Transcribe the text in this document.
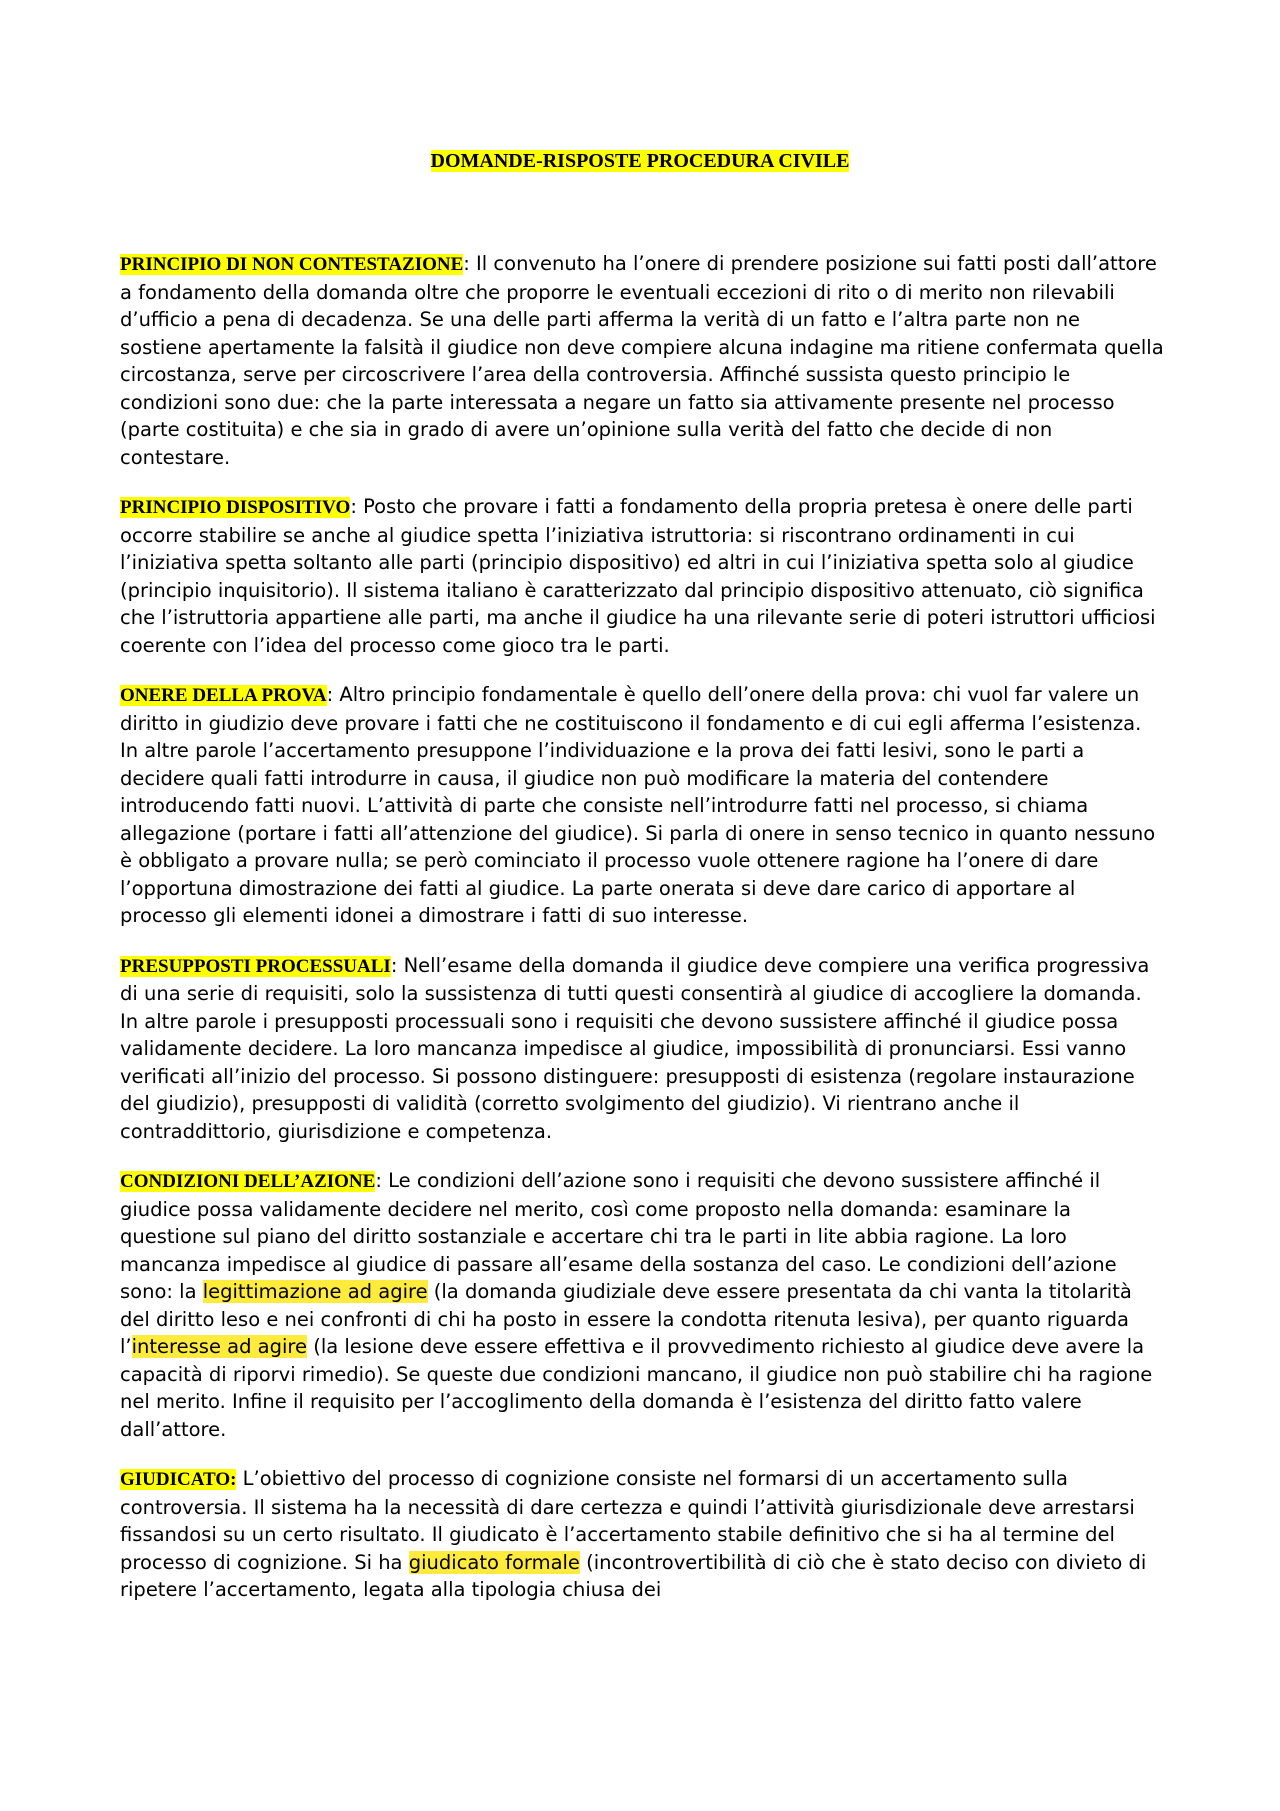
DOMANDE-RISPOSTE PROCEDURA CIVILE

PRINCIPIO DI NON CONTESTAZIONE: Il convenuto ha l’onere di prendere posizione sui fatti posti dall’attore a fondamento della domanda oltre che proporre le eventuali eccezioni di rito o di merito non rilevabili d’ufficio a pena di decadenza. Se una delle parti afferma la verità di un fatto e l’altra parte non ne sostiene apertamente la falsità il giudice non deve compiere alcuna indagine ma ritiene confermata quella circostanza, serve per circoscrivere l’area della controversia. Affinché sussista questo principio le condizioni sono due: che la parte interessata a negare un fatto sia attivamente presente nel processo (parte costituita) e che sia in grado di avere un’opinione sulla verità del fatto che decide di non contestare.

PRINCIPIO DISPOSITIVO: Posto che provare i fatti a fondamento della propria pretesa è onere delle parti occorre stabilire se anche al giudice spetta l’iniziativa istruttoria: si riscontrano ordinamenti in cui l’iniziativa spetta soltanto alle parti (principio dispositivo) ed altri in cui l’iniziativa spetta solo al giudice (principio inquisitorio). Il sistema italiano è caratterizzato dal principio dispositivo attenuato, ciò significa che l’istruttoria appartiene alle parti, ma anche il giudice ha una rilevante serie di poteri istruttori ufficiosi coerente con l’idea del processo come gioco tra le parti.

ONERE DELLA PROVA: Altro principio fondamentale è quello dell’onere della prova: chi vuol far valere un diritto in giudizio deve provare i fatti che ne costituiscono il fondamento e di cui egli afferma l’esistenza. In altre parole l’accertamento presuppone l’individuazione e la prova dei fatti lesivi, sono le parti a decidere quali fatti introdurre in causa, il giudice non può modificare la materia del contendere introducendo fatti nuovi. L’attività di parte che consiste nell’introdurre fatti nel processo, si chiama allegazione (portare i fatti all’attenzione del giudice). Si parla di onere in senso tecnico in quanto nessuno è obbligato a provare nulla; se però cominciato il processo vuole ottenere ragione ha l’onere di dare l’opportuna dimostrazione dei fatti al giudice. La parte onerata si deve dare carico di apportare al processo gli elementi idonei a dimostrare i fatti di suo interesse.

PRESUPPOSTI PROCESSUALI: Nell’esame della domanda il giudice deve compiere una verifica progressiva di una serie di requisiti, solo la sussistenza di tutti questi consentirà al giudice di accogliere la domanda. In altre parole i presupposti processuali sono i requisiti che devono sussistere affinché il giudice possa validamente decidere. La loro mancanza impedisce al giudice, impossibilità di pronunciarsi. Essi vanno verificati all’inizio del processo. Si possono distinguere: presupposti di esistenza (regolare instaurazione del giudizio), presupposti di validità (corretto svolgimento del giudizio). Vi rientrano anche il contraddittorio, giurisdizione e competenza.

CONDIZIONI DELL’AZIONE: Le condizioni dell’azione sono i requisiti che devono sussistere affinché il giudice possa validamente decidere nel merito, così come proposto nella domanda: esaminare la questione sul piano del diritto sostanziale e accertare chi tra le parti in lite abbia ragione. La loro mancanza impedisce al giudice di passare all’esame della sostanza del caso. Le condizioni dell’azione sono: la legittimazione ad agire (la domanda giudiziale deve essere presentata da chi vanta la titolarità del diritto leso e nei confronti di chi ha posto in essere la condotta ritenuta lesiva), per quanto riguarda l’interesse ad agire (la lesione deve essere effettiva e il provvedimento richiesto al giudice deve avere la capacità di riporvi rimedio). Se queste due condizioni mancano, il giudice non può stabilire chi ha ragione nel merito. Infine il requisito per l’accoglimento della domanda è l’esistenza del diritto fatto valere dall’attore.

GIUDICATO: L’obiettivo del processo di cognizione consiste nel formarsi di un accertamento sulla controversia. Il sistema ha la necessità di dare certezza e quindi l’attività giurisdizionale deve arrestarsi fissandosi su un certo risultato. Il giudicato è l’accertamento stabile definitivo che si ha al termine del processo di cognizione. Si ha giudicato formale (incontrovertibilità di ciò che è stato deciso con divieto di ripetere l’accertamento, legata alla tipologia chiusa dei
